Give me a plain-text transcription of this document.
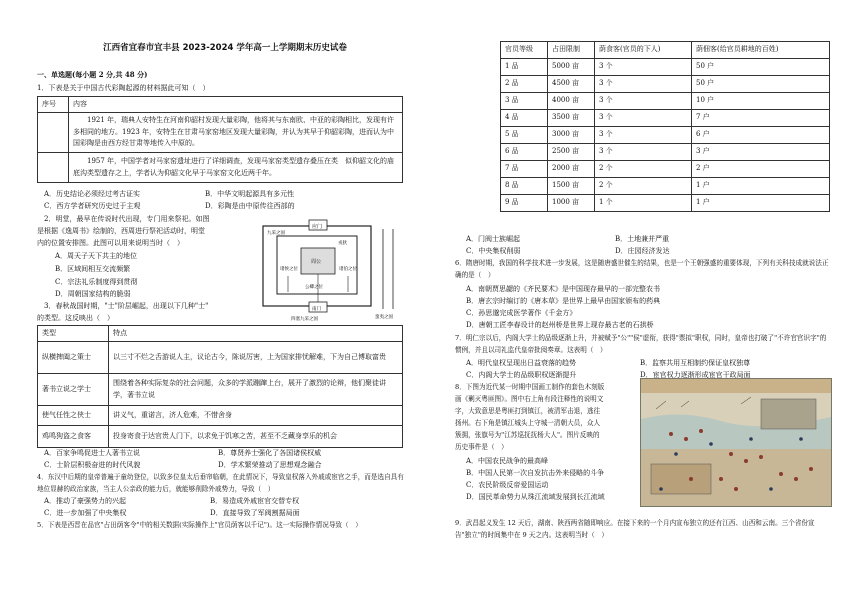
江西省宜春市宜丰县 2023-2024 学年高一上学期期末历史试卷
一、单选题(每小题 2 分,共 48 分)
1．下表是关于中国古代彩陶起源的材料据此可知（　）
序号	内容
	1921 年，瑞典人安特生在河南仰韶村发现大量彩陶，他将其与东南欧、中亚的彩陶相比，发现有许多相同的地方。1923 年，安特生在甘肃马家窑地区发现大量彩陶，并认为其早于仰韶彩陶，进而认为中国彩陶是由西方经甘肃等地传入中原的。
	1957 年，中国学者对马家窑遗址进行了详细调查，发现马家窑类型遗存叠压在类　似仰韶文化的庙底沟类型遗存之上，学者认为仰韶文化早于马家窑文化近两千年。
A．历史结论必须经过考古证实	B．中华文明起源具有多元性
C．西方学者研究历史过于主观	D．彩陶是由中原传往西部的
2．明堂，最早在传说时代出现，专门用来祭祀。如图
是根据《逸周书》绘制的，西周进行祭祀活动时，明堂
内的位置安排图。此图可以用来说明当时（　）
A．周天子天下共主的地位
B．区域间相互交流频繁
C．宗法礼乐制度得到贯彻
D．周朝国家结构的脆弱
应门
周公
戎狄
九采之国
诸侯之位	诸伯之位
公卿之位
南门
四塞九采之国	蛮夷之国
3．春秋战国时期，"士"阶层崛起，出现以下几种"士"
的类型。这反映出（　）
类型	特点
纵横捭阖之策士	以三寸不烂之舌游说人主，议论古今，陈说厉害，上为国家排忧解难，下为自己博取富贵
著书立说之学士	围绕着各种实际复杂的社会问题，众多的学派蹦蹿上台，展开了激烈的论辩，他们聚徒讲学，著书立说
使气任性之侠士	讲义气，重诺言，济人危难，不惜舍身
鸡鸣狗盗之食客	投身寄食于达官贵人门下，以求免于饥寒之苦，甚至不乏藏身享乐的机会
A．百家争鸣促进士人著书立说	B．尊贤养士强化了各国诸侯权威
C．士阶层积极奋进的时代风貌	D．学术繁荣推动了思想观念融合
4．东汉中后期的皇帝普遍于童幼登位，以致多位皇太后垂帘临朝，在此情况下，导致皇权落入外戚或宦官之手，而是选自具有地位显赫的政治家族，当主人公亲政的能力后，就能够削除外戚势力，导致（　）
A．推动了豪强势力的兴起	B．易造成外戚宦官交替专权
C．进一步加强了中央集权	D．直接导致了军阀割据局面
5．下表是西晋在品官"占田荫客令"中的相关数据(实际操作上"官员荫客以千记")。这一实际操作情况导致（　）
官员等级	占田限制	荫食客(官员的下人)	荫佃客(给官员耕地的百姓)
1 品	5000 亩	3 个	50 户
2 品	4500 亩	3 个	50 户
3 品	4000 亩	3 个	10 户
4 品	3500 亩	3 个	7 户
5 品	3000 亩	3 个	6 户
6 品	2500 亩	3 个	3 户
7 品	2000 亩	2 个	2 户
8 品	1500 亩	2 个	1 户
9 品	1000 亩	1 个	1 户
A．门阀士族崛起	B．土地兼并严重
C．中央集权削弱	D．庄园经济发达
6．隋唐时期，我国的科学技术进一步发展，这是随唐盛世催生的结果，也是一个王朝强盛的重要体现，下列有关科技成就说法正确的是（　）
A．南朝贾思勰的《齐民要术》是中国现存最早的一部完整农书
B．唐玄宗时编订的《唐本草》是世界上最早由国家颁布的药典
C．孙思邈完成医学著作《千金方》
D．唐朝工匠李春设计的赵州桥是世界上现存最古老的石拱桥
7．明仁宗以后，内阁大学士的品级逐渐上升，并被赋予"公""侯"虚衔，获得"票拟"职权，同时，皇帝也打破了"不许官官识字"的惯例，并且以司礼监代皇帝批阅奏章。这表明（　）
A．明代皇权呈现出日益衰落的趋势	B．监察共用互相制约保证皇权独尊
C．内阁大学士的品级职权逐渐提升	D．宦官权力逐渐形成宦官干政局面
8．下图为近代某一时期中国画工制作的套色木刻版
画《剿灭粤匪图》。图中右上角有段注释性的说明文
字，大致意思是粤匪打到镇江，被清军击退，逃往
扬州。右下角是镇江城头上守城一清朝大员，众人
簇拥，张旗号为"江苏巡抚抚杨大人"。图片反映的
历史事件是（　）
A．中国农民战争的最高峰
B．中国人民第一次自发抗击外来侵略的斗争
C．农民阶级反帝爱国运动
D．国民革命势力从珠江流域发展到长江流域
9．武昌起义发生 12 天后，湖南、陕西两省随即响应。在接下来的一个月内宣布独立的还有江西、山西和云南。三个省份宣告"独立"的时间集中在 9 天之内。这表明当时（　）
